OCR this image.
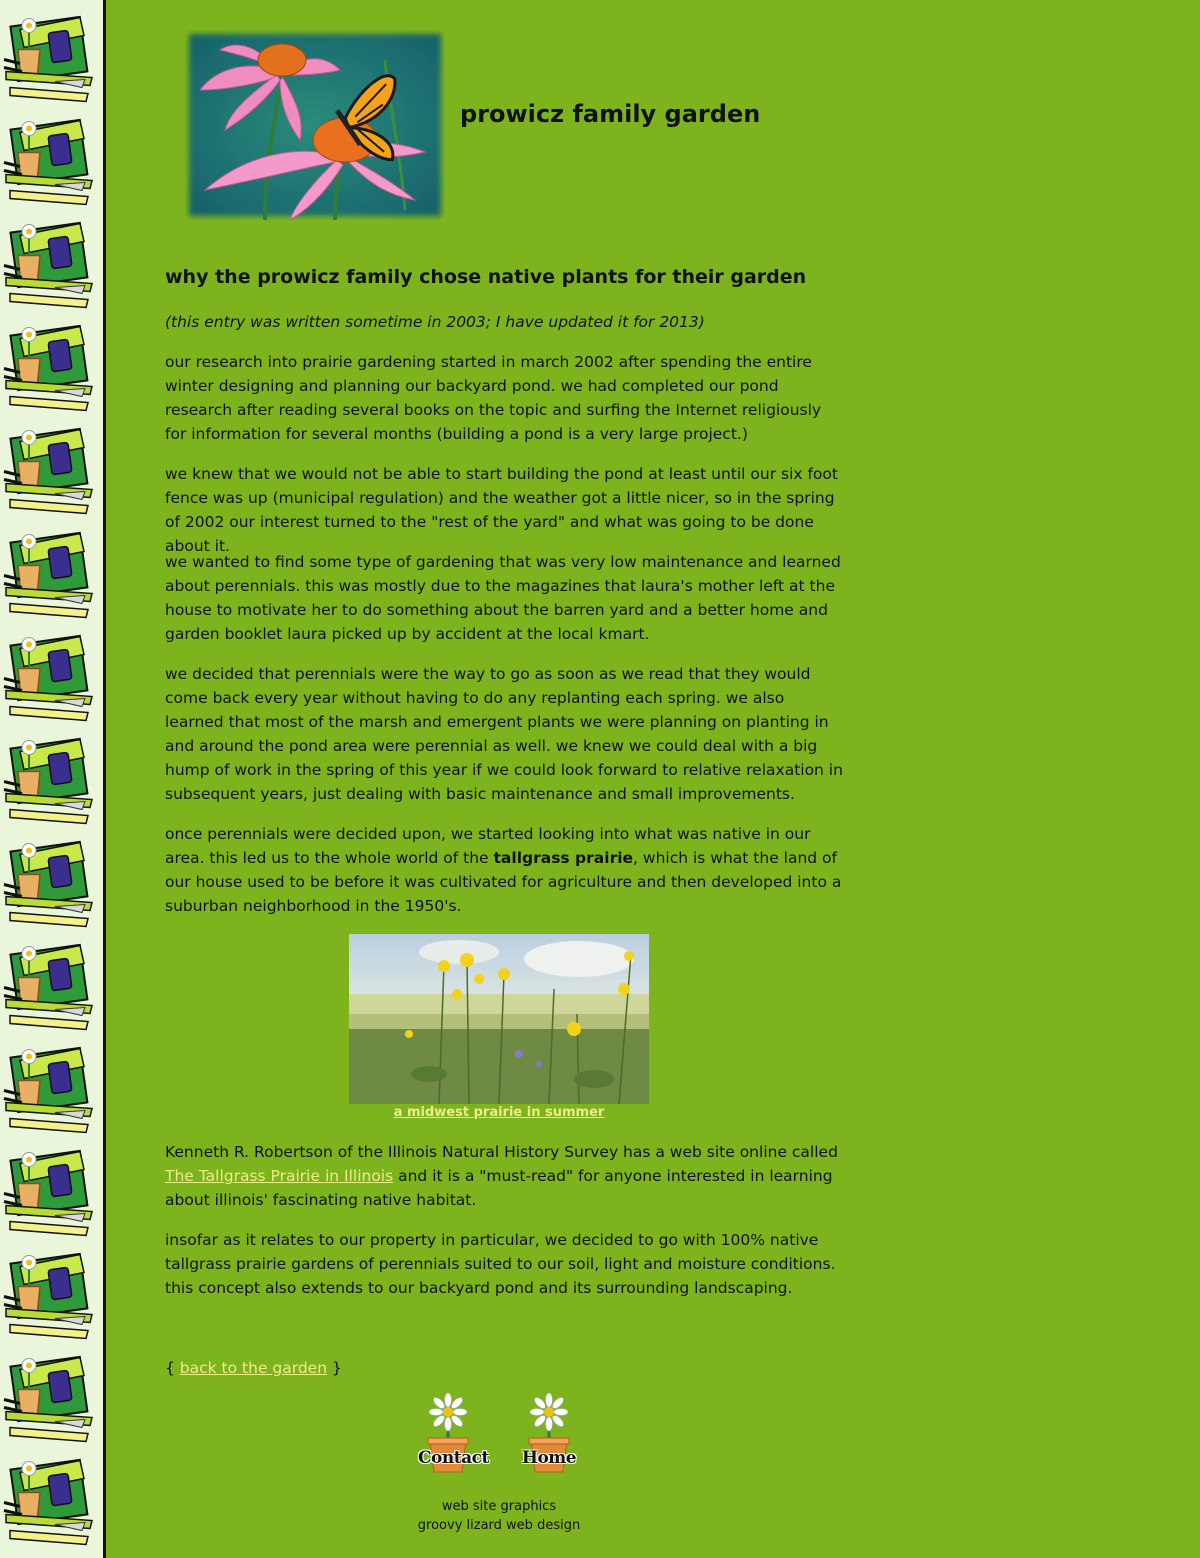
prowicz family garden
why the prowicz family chose native plants for their garden

(this entry was written sometime in 2003; I have updated it for 2013)

our research into prairie gardening started in march 2002 after spending the entire winter designing and planning our backyard pond. we had completed our pond research after reading several books on the topic and surfing the Internet religiously for information for several months (building a pond is a very large project.)

we knew that we would not be able to start building the pond at least until our six foot fence was up (municipal regulation) and the weather got a little nicer, so in the spring of 2002 our interest turned to the "rest of the yard" and what was going to be done about it.

we wanted to find some type of gardening that was very low maintenance and learned about perennials. this was mostly due to the magazines that laura's mother left at the house to motivate her to do something about the barren yard and a better home and garden booklet laura picked up by accident at the local kmart.

we decided that perennials were the way to go as soon as we read that they would come back every year without having to do any replanting each spring. we also learned that most of the marsh and emergent plants we were planning on planting in and around the pond area were perennial as well. we knew we could deal with a big hump of work in the spring of this year if we could look forward to relative relaxation in subsequent years, just dealing with basic maintenance and small improvements.

once perennials were decided upon, we started looking into what was native in our area. this led us to the whole world of the tallgrass prairie, which is what the land of our house used to be before it was cultivated for agriculture and then developed into a suburban neighborhood in the 1950's.

a midwest prairie in summer

Kenneth R. Robertson of the Illinois Natural History Survey has a web site online called The Tallgrass Prairie in Illinois and it is a "must-read" for anyone interested in learning about illinois' fascinating native habitat.

insofar as it relates to our property in particular, we decided to go with 100% native tallgrass prairie gardens of perennials suited to our soil, light and moisture conditions. this concept also extends to our backyard pond and its surrounding landscaping.

{ back to the garden }
Contact Home
web site graphics
groovy lizard web design
